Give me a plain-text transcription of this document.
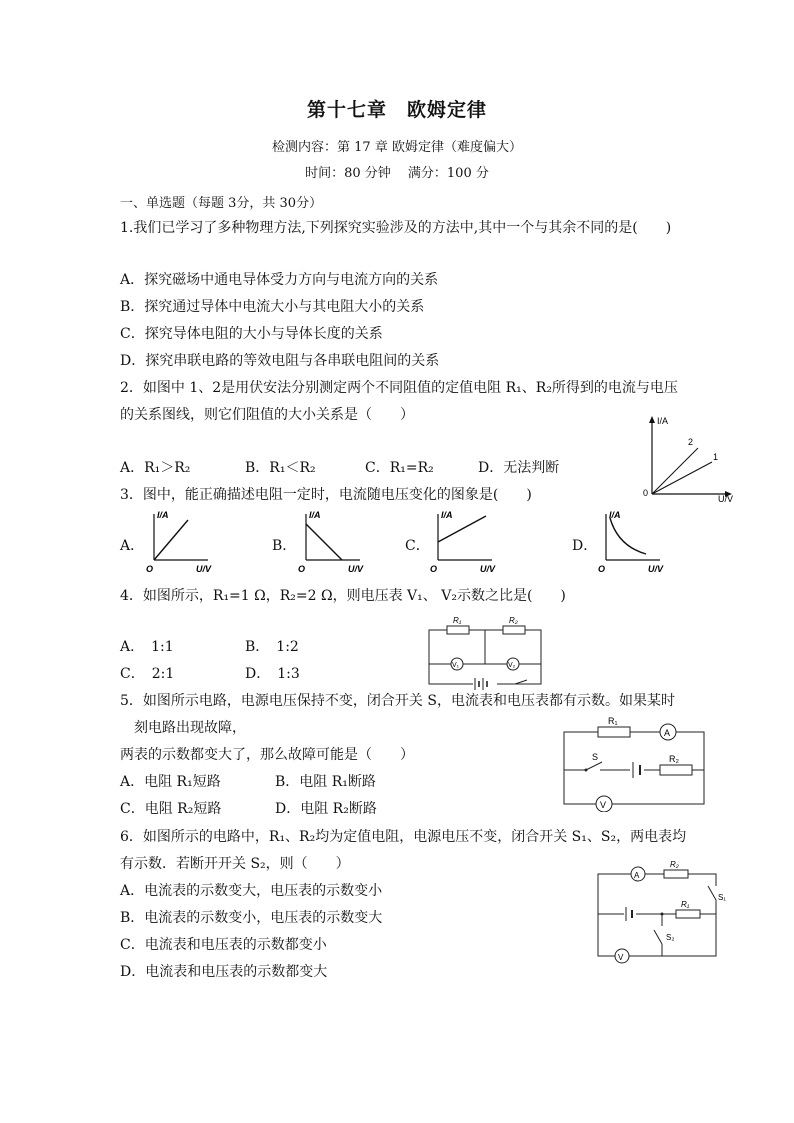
第十七章　欧姆定律
检测内容：第 17 章 欧姆定律（难度偏大）
时间：80 分钟　 满分：100 分
一、单选题（每题 3分，共 30分）
1.我们已学习了多种物理方法,下列探究实验涉及的方法中,其中一个与其余不同的是(　　)
A．探究磁场中通电导体受力方向与电流方向的关系
B．探究通过导体中电流大小与其电阻大小的关系
C．探究导体电阻的大小与导体长度的关系
D．探究串联电路的等效电阻与各串联电阻间的关系
2．如图中 1、2是用伏安法分别测定两个不同阻值的定值电阻 R₁、R₂所得到的电流与电压
的关系图线，则它们阻值的大小关系是（　　）
A．R₁＞R₂	B．R₁＜R₂	C．R₁=R₂	D．无法判断
I/A
U/V
0
2
1
3．图中，能正确描述电阻一定时，电流随电压变化的图象是(　　)
A．
I/A
U/V
O
B．
I/A
U/V
O
C．
I/A
U/V
O
D．
I/A
U/V
O
4．如图所示，R₁=1 Ω，R₂=2 Ω，则电压表 V₁、 V₂示数之比是(　　)
A．　1:1	B．　1:2
C．　2:1	D．　1:3
R₁	R₂
V₁	V₂
5．如图所示电路，电源电压保持不变，闭合开关 S，电流表和电压表都有示数。如果某时
　刻电路出现故障，
两表的示数都变大了，那么故障可能是（　　）
A．电阻 R₁短路	B．电阻 R₁断路
C．电阻 R₂短路	D．电阻 R₂断路
R₁
A
S	R₂
V
6．如图所示的电路中，R₁、R₂均为定值电阻，电源电压不变，闭合开关 S₁、S₂，两电表均
有示数．若断开开关 S₂，则（　　）
A．电流表的示数变大，电压表的示数变小
B．电流表的示数变小，电压表的示数变大
C．电流表和电压表的示数都变小
D．电流表和电压表的示数都变大
A
R₂
S₁
R₁
S₂
V
